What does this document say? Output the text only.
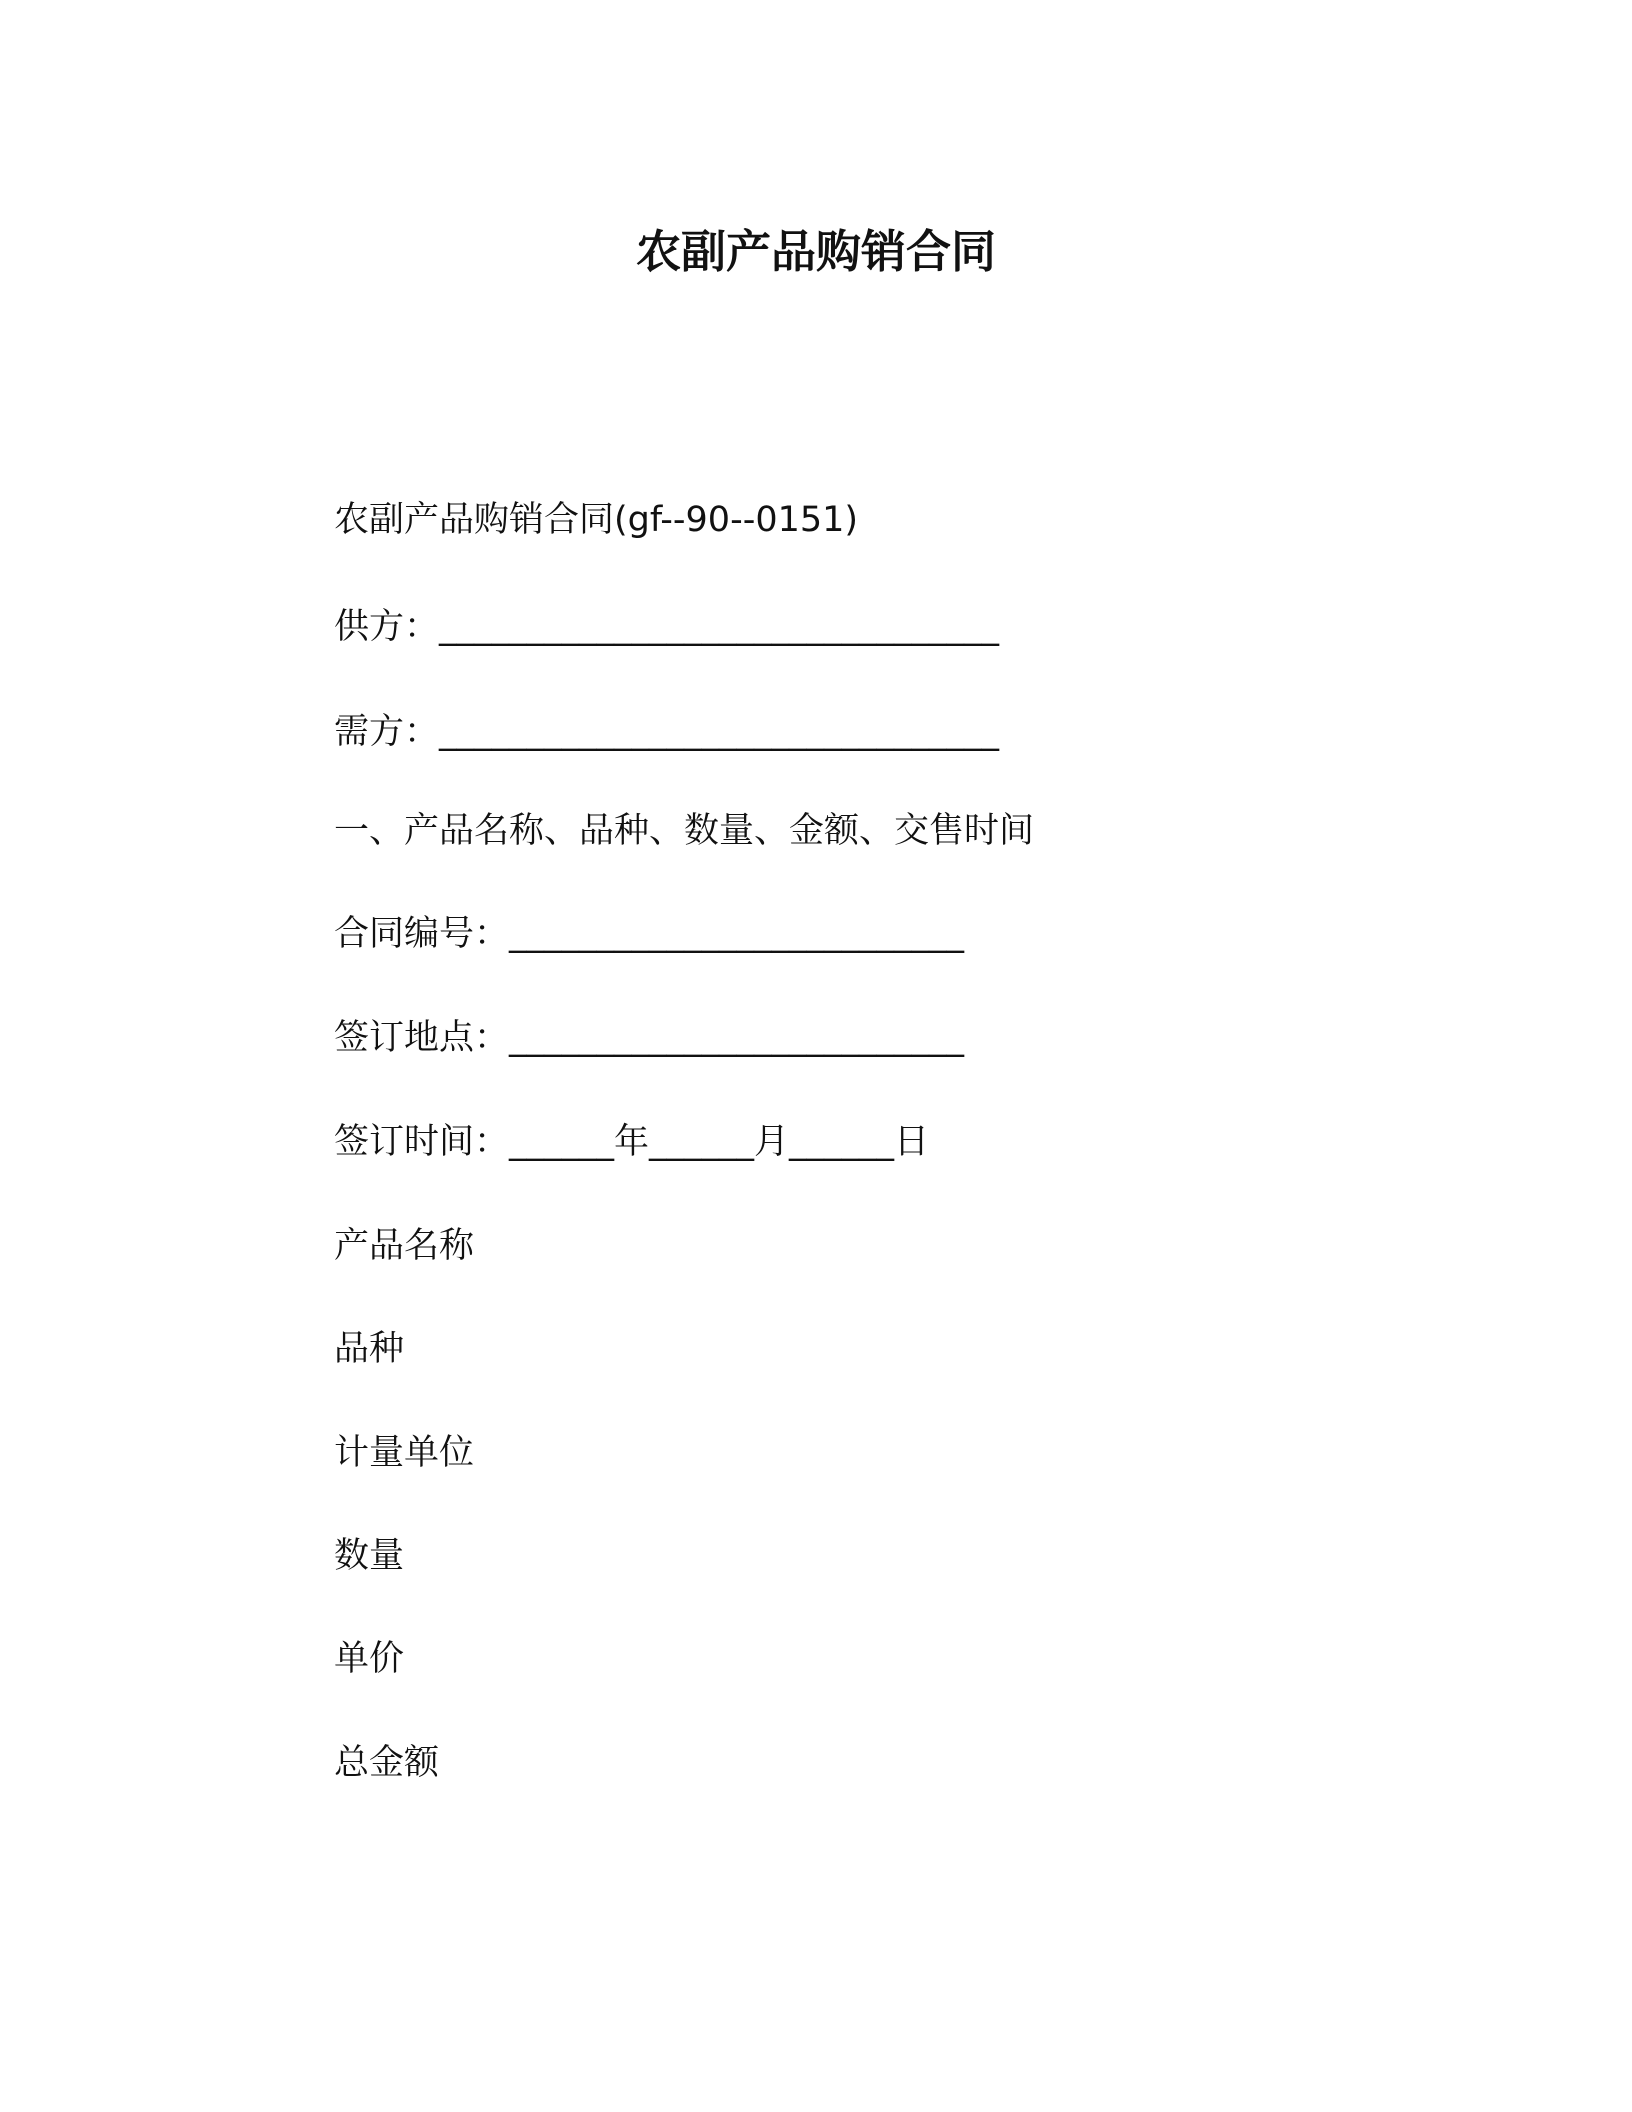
农副产品购销合同

农副产品购销合同(gf--90--0151)

供方：________________________________

需方：________________________________

一、产品名称、品种、数量、金额、交售时间

合同编号：__________________________

签订地点：__________________________

签订时间：______年______月______日

产品名称

品种

计量单位

数量

单价

总金额
